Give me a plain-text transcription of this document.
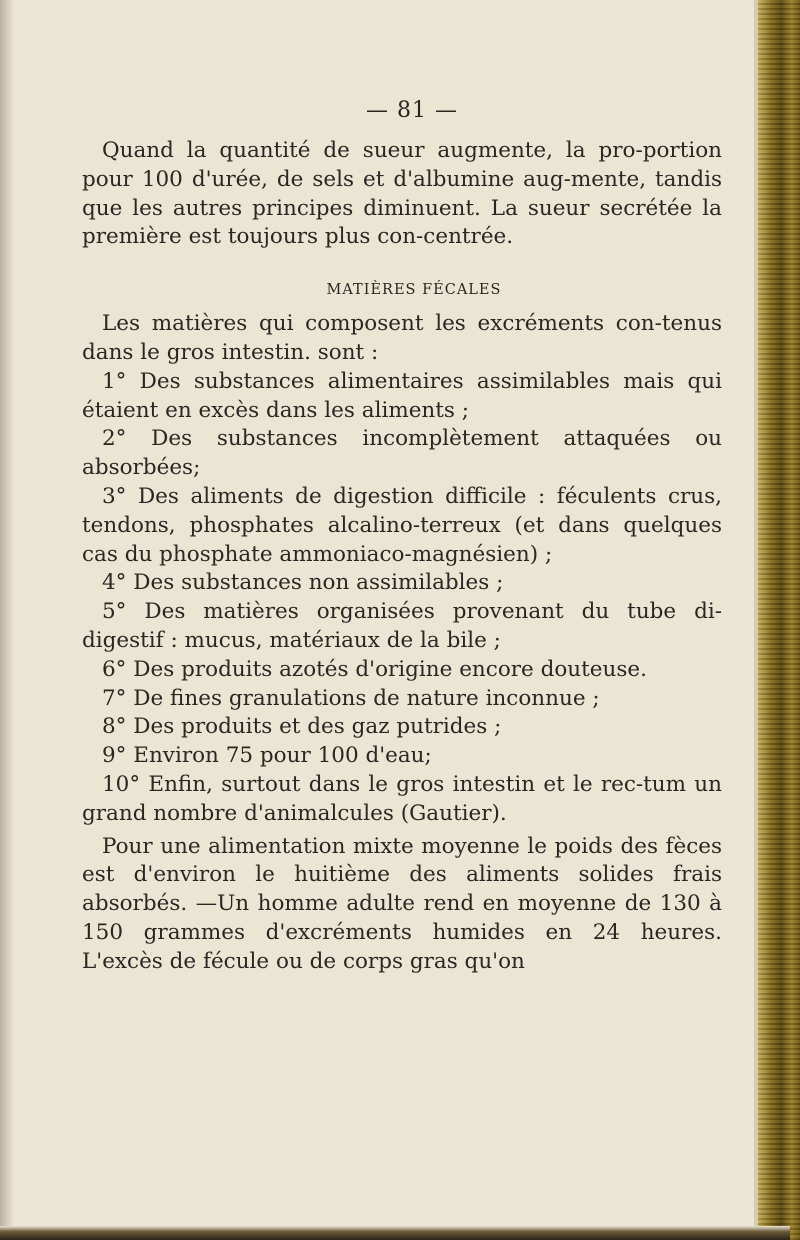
— 81 —

Quand la quantité de sueur augmente, la pro-portion pour 100 d'urée, de sels et d'albumine aug-mente, tandis que les autres principes diminuent. La sueur secrétée la première est toujours plus con-centrée.

MATIÈRES FÉCALES

Les matières qui composent les excréments con-tenus dans le gros intestin. sont :

1° Des substances alimentaires assimilables mais qui étaient en excès dans les aliments ;

2° Des substances incomplètement attaquées ou absorbées;

3° Des aliments de digestion difficile : féculents crus, tendons, phosphates alcalino-terreux (et dans quelques cas du phosphate ammoniaco-magnésien) ;

4° Des substances non assimilables ;

5° Des matières organisées provenant du tube di-digestif : mucus, matériaux de la bile ;

6° Des produits azotés d'origine encore douteuse.

7° De fines granulations de nature inconnue ;

8° Des produits et des gaz putrides ;

9° Environ 75 pour 100 d'eau;

10° Enfin, surtout dans le gros intestin et le rec-tum un grand nombre d'animalcules (Gautier).

Pour une alimentation mixte moyenne le poids des fèces est d'environ le huitième des aliments solides frais absorbés. —Un homme adulte rend en moyenne de 130 à 150 grammes d'excréments humides en 24 heures. L'excès de fécule ou de corps gras qu'on
